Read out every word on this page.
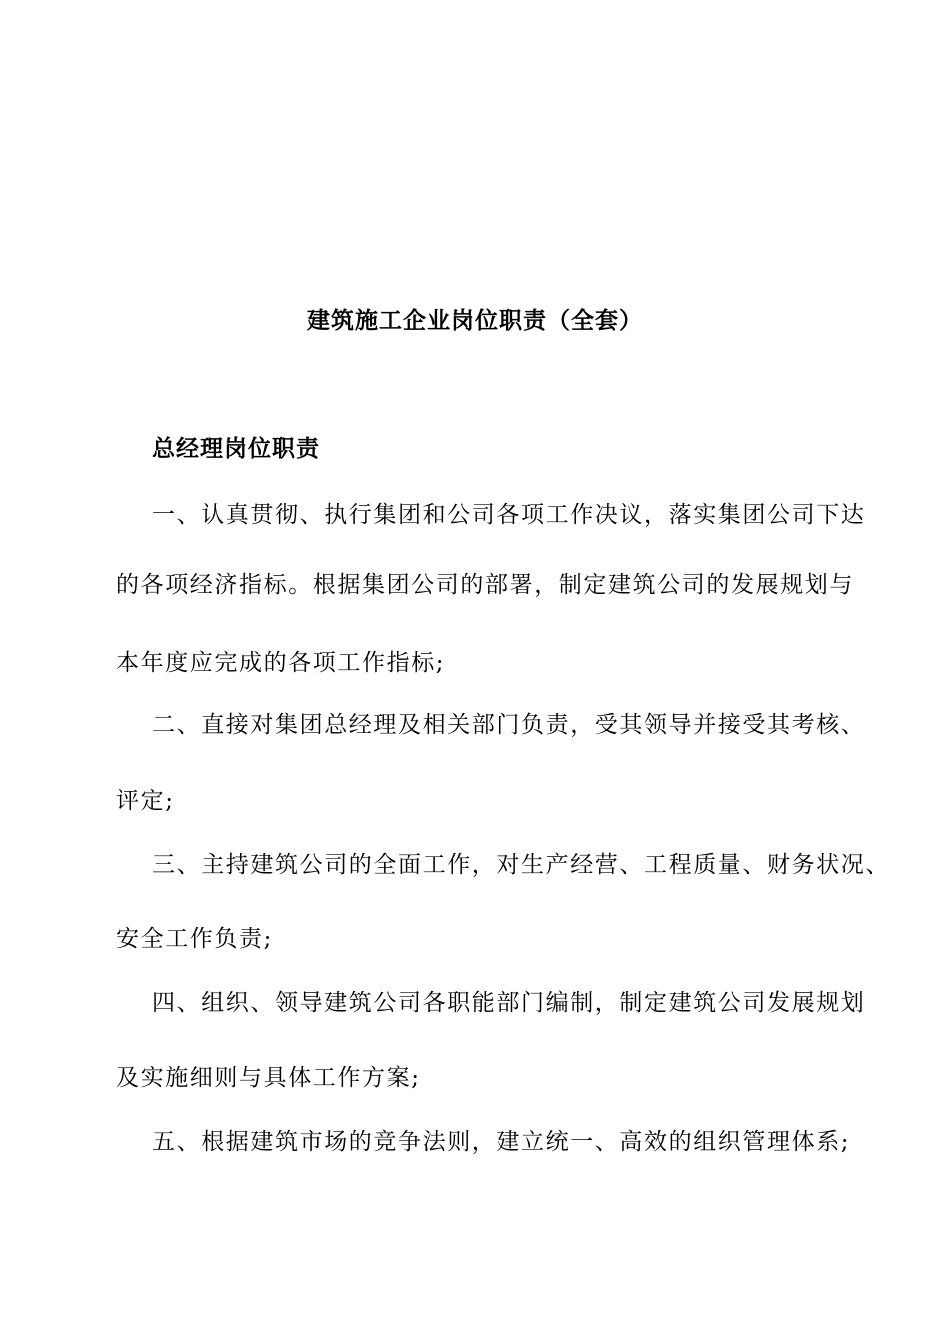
建筑施工企业岗位职责（全套）
总经理岗位职责
一、认真贯彻、执行集团和公司各项工作决议，落实集团公司下达
的各项经济指标。根据集团公司的部署，制定建筑公司的发展规划与
本年度应完成的各项工作指标;
二、直接对集团总经理及相关部门负责，受其领导并接受其考核、
评定;
三、主持建筑公司的全面工作，对生产经营、工程质量、财务状况、
安全工作负责;
四、组织、领导建筑公司各职能部门编制，制定建筑公司发展规划
及实施细则与具体工作方案;
五、根据建筑市场的竞争法则，建立统一、高效的组织管理体系;
